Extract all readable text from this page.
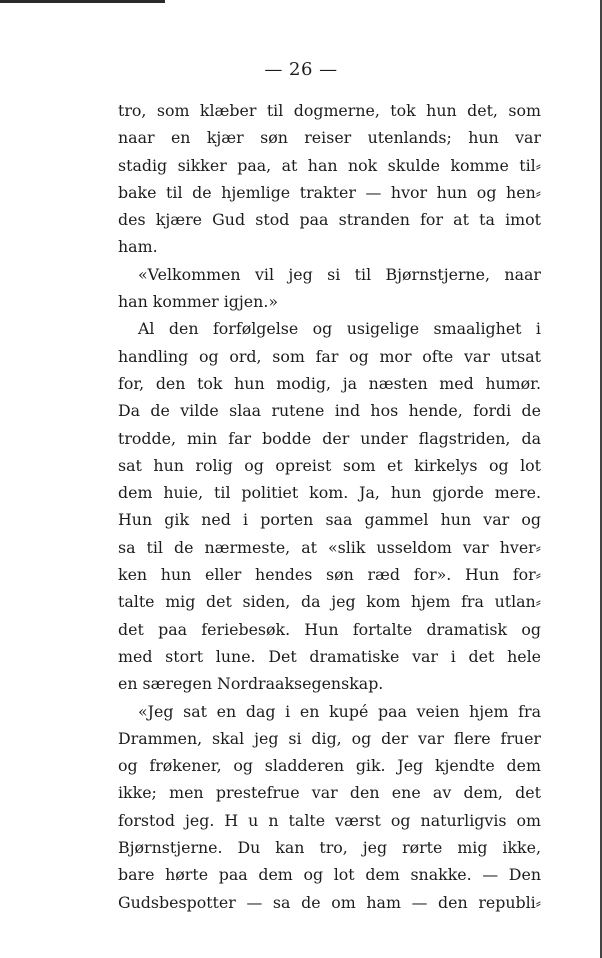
— 26 —
tro, som klæber til dogmerne, tok hun det, som
naar en kjær søn reiser utenlands; hun var
stadig sikker paa, at han nok skulde komme til⸗
bake til de hjemlige trakter — hvor hun og hen⸗
des kjære Gud stod paa stranden for at ta imot
ham.
«Velkommen vil jeg si til Bjørnstjerne, naar
han kommer igjen.»
Al den forfølgelse og usigelige smaalighet i
handling og ord, som far og mor ofte var utsat
for, den tok hun modig, ja næsten med humør.
Da de vilde slaa rutene ind hos hende, fordi de
trodde, min far bodde der under flagstriden, da
sat hun rolig og opreist som et kirkelys og lot
dem huie, til politiet kom. Ja, hun gjorde mere.
Hun gik ned i porten saa gammel hun var og
sa til de nærmeste, at «slik usseldom var hver⸗
ken hun eller hendes søn ræd for». Hun for⸗
talte mig det siden, da jeg kom hjem fra utlan⸗
det paa feriebesøk. Hun fortalte dramatisk og
med stort lune. Det dramatiske var i det hele
en særegen Nordraaksegenskap.
«Jeg sat en dag i en kupé paa veien hjem fra
Drammen, skal jeg si dig, og der var flere fruer
og frøkener, og sladderen gik. Jeg kjendte dem
ikke; men prestefrue var den ene av dem, det
forstod jeg. H u n talte værst og naturligvis om
Bjørnstjerne. Du kan tro, jeg rørte mig ikke,
bare hørte paa dem og lot dem snakke. — Den
Gudsbespotter — sa de om ham — den republi⸗
